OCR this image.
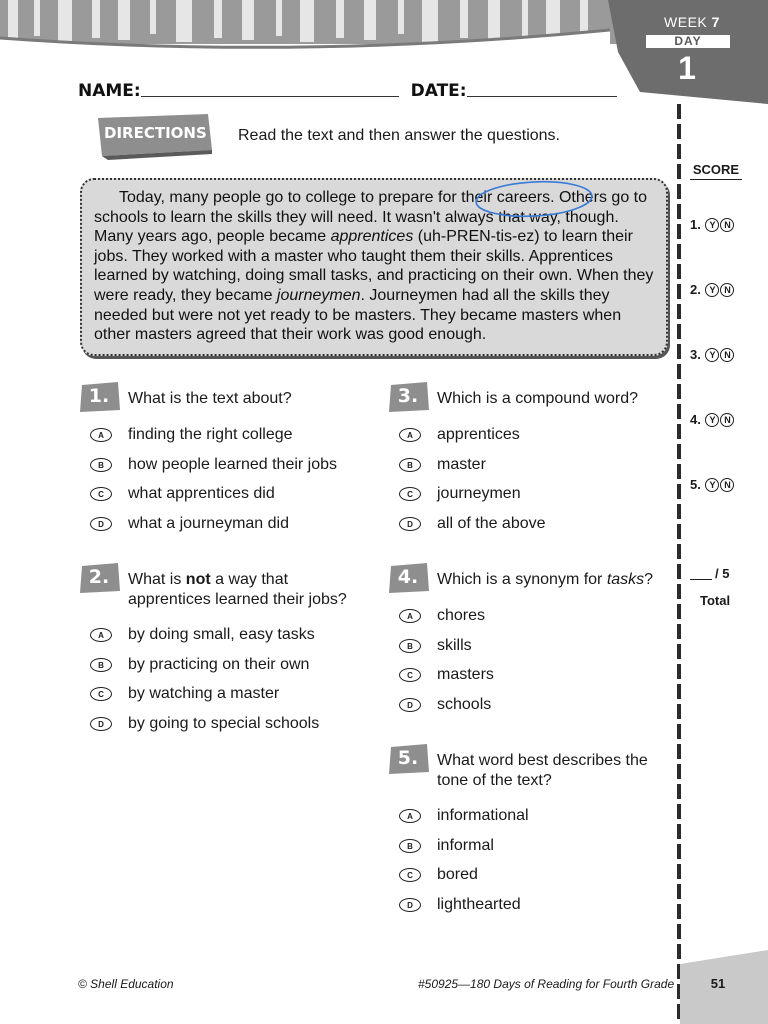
WEEK 7
DAY
1
NAME:	DATE:
DIRECTIONS Read the text and then answer the questions.

Today, many people go to college to prepare for their careers. Others go to schools to learn the skills they will need. It wasn't always that way, though. Many years ago, people became apprentices (uh-PREN-tis-ez) to learn their jobs. They worked with a master who taught them their skills. Apprentices learned by watching, doing small tasks, and practicing on their own. When they were ready, they became journeymen. Journeymen had all the skills they needed but were not yet ready to be masters. They became masters when other masters agreed that their work was good enough.

1. What is the text about?
A	finding the right college
B	how people learned their jobs
C	what apprentices did
D	what a journeyman did
2. What is not a way that apprentices learned their jobs?
A	by doing small, easy tasks
B	by practicing on their own
C	by watching a master
D	by going to special schools
3. Which is a compound word?
A	apprentices
B	master
C	journeymen
D	all of the above
4. Which is a synonym for tasks?
A	chores
B	skills
C	masters
D	schools
5. What word best describes the tone of the text?
A	informational
B	informal
C	bored
D	lighthearted
SCORE
1. Y N
2. Y N
3. Y N
4. Y N
5. Y N
/ 5
Total
© Shell Education	#50925—180 Days of Reading for Fourth Grade	51
